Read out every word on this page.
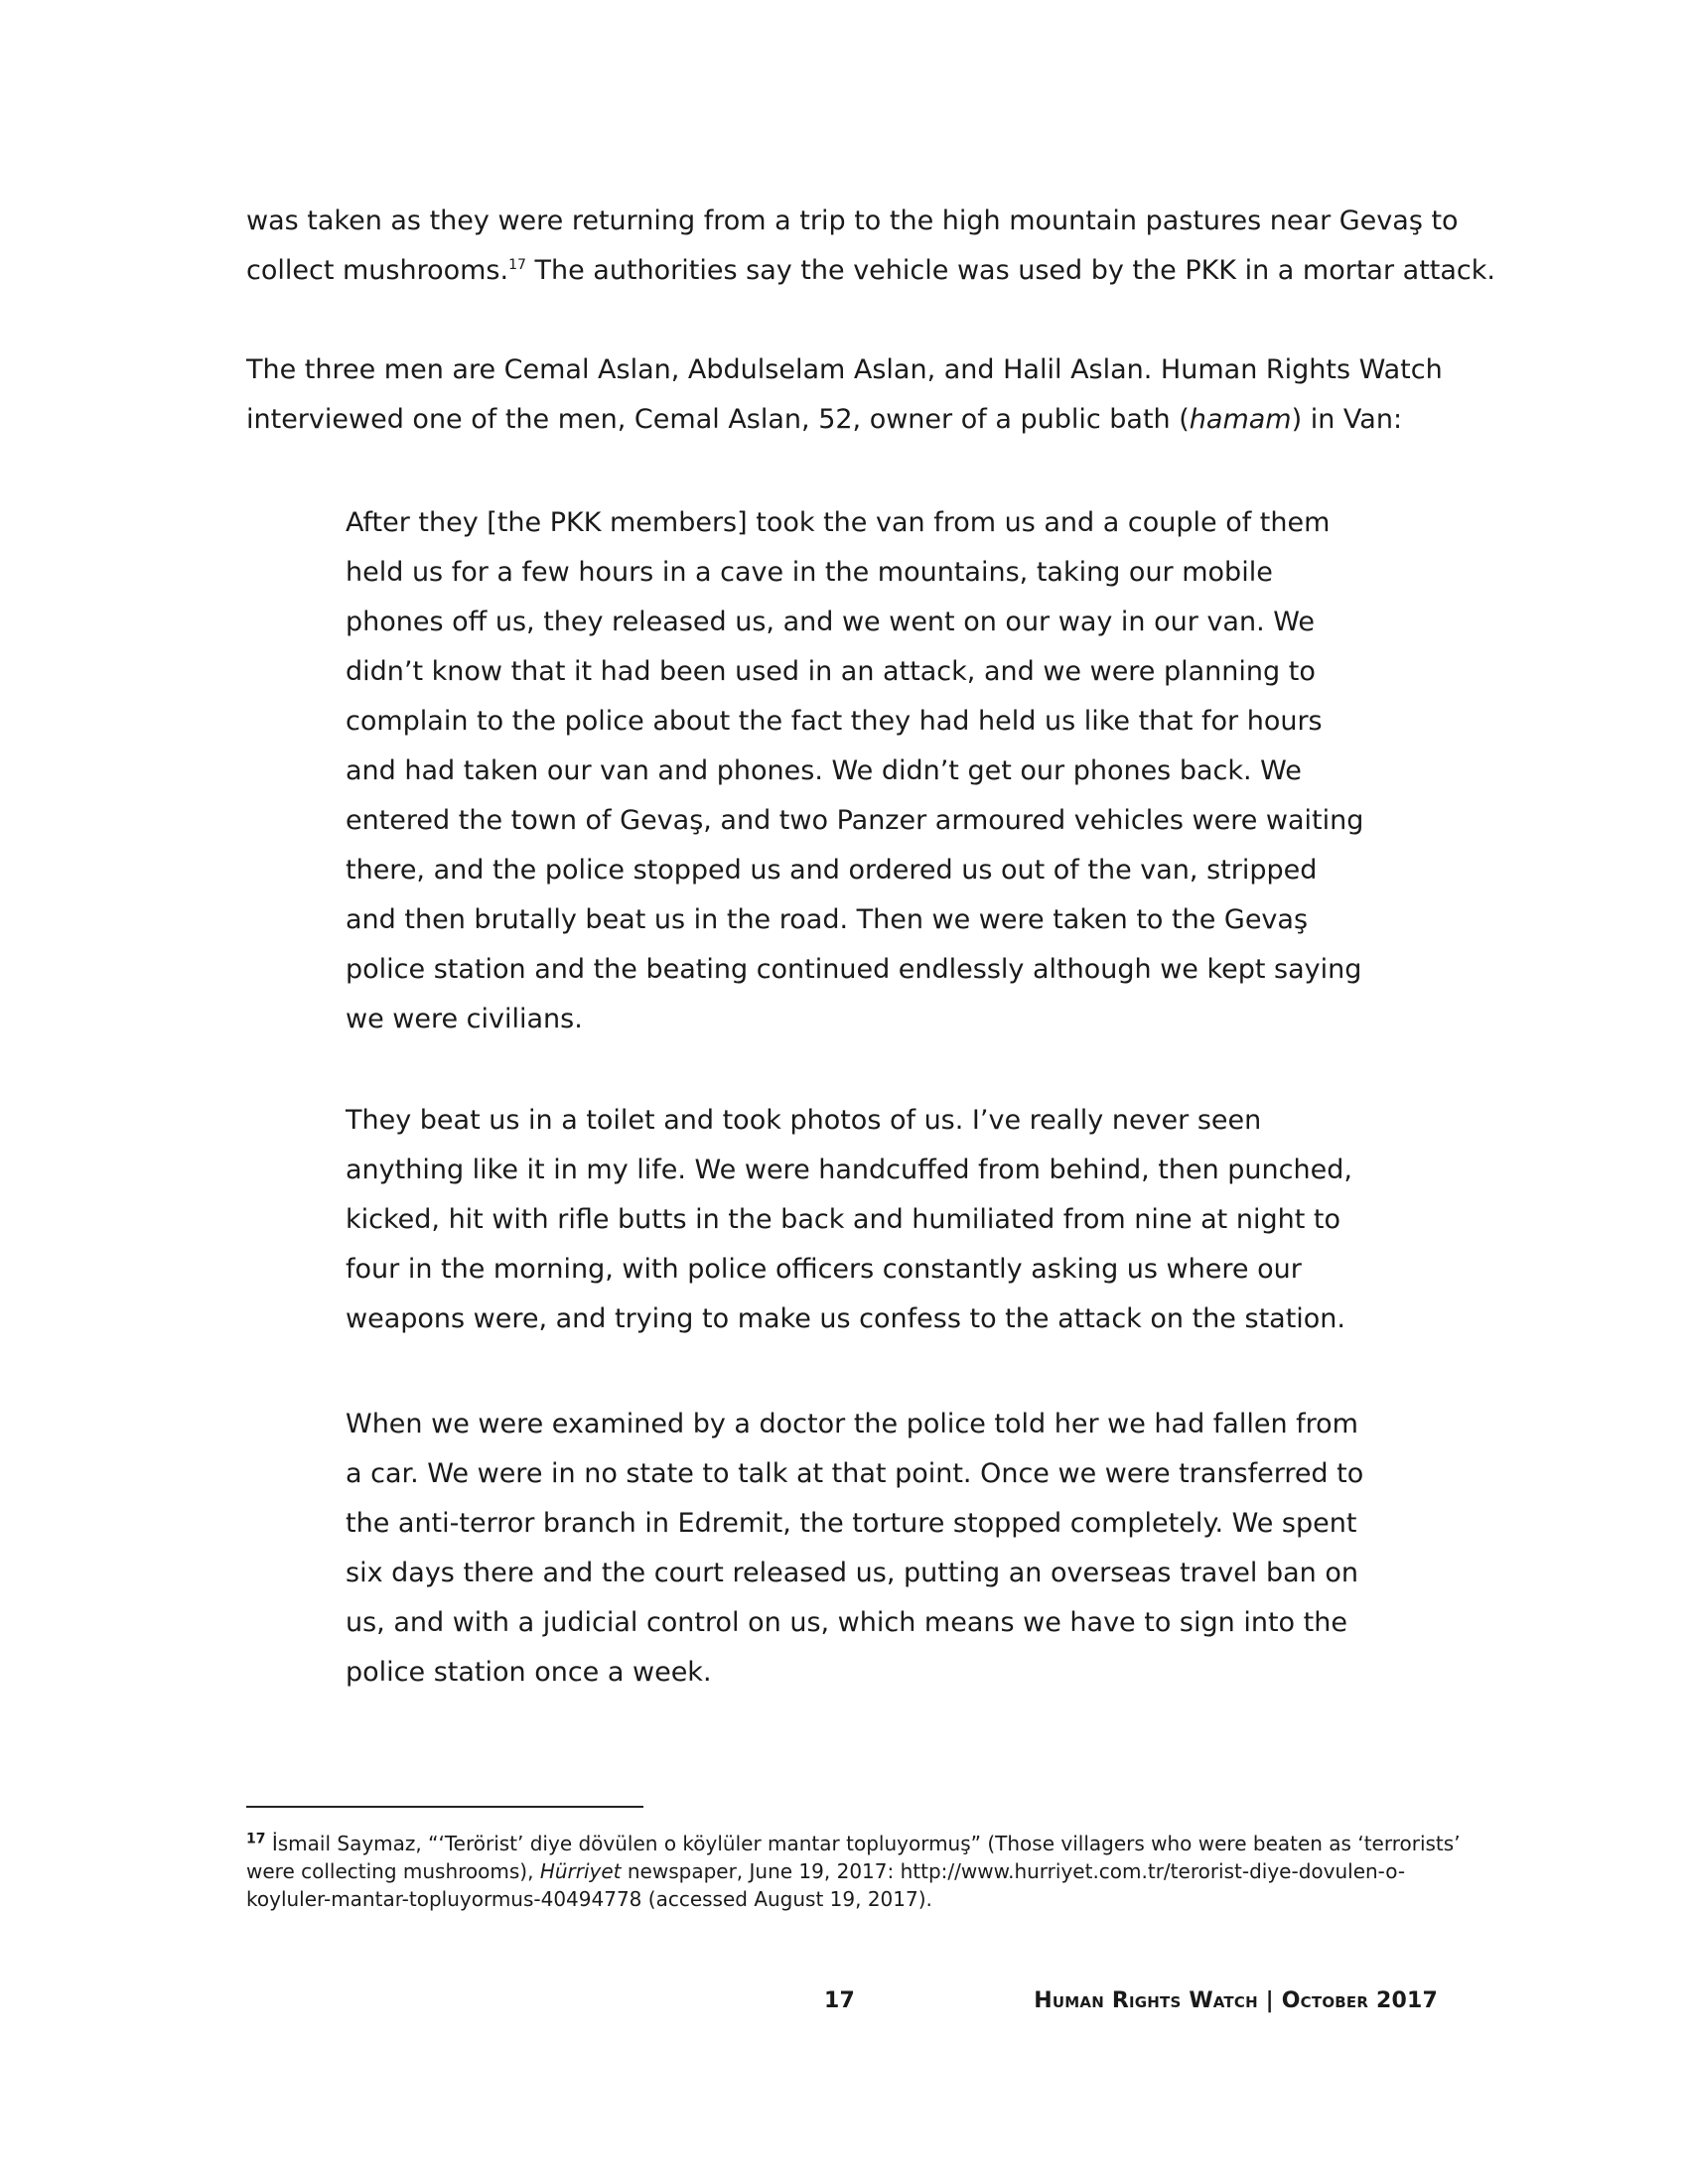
was taken as they were returning from a trip to the high mountain pastures near Gevaş to
collect mushrooms.$^{17}$ The authorities say the vehicle was used by the PKK in a mortar attack.

The three men are Cemal Aslan, Abdulselam Aslan, and Halil Aslan. Human Rights Watch
interviewed one of the men, Cemal Aslan, 52, owner of a public bath (hamam) in Van:

After they [the PKK members] took the van from us and a couple of them
held us for a few hours in a cave in the mountains, taking our mobile
phones off us, they released us, and we went on our way in our van. We
didn’t know that it had been used in an attack, and we were planning to
complain to the police about the fact they had held us like that for hours
and had taken our van and phones. We didn’t get our phones back. We
entered the town of Gevaş, and two Panzer armoured vehicles were waiting
there, and the police stopped us and ordered us out of the van, stripped
and then brutally beat us in the road. Then we were taken to the Gevaş
police station and the beating continued endlessly although we kept saying
we were civilians.
They beat us in a toilet and took photos of us. I’ve really never seen
anything like it in my life. We were handcuffed from behind, then punched,
kicked, hit with rifle butts in the back and humiliated from nine at night to
four in the morning, with police officers constantly asking us where our
weapons were, and trying to make us confess to the attack on the station.
When we were examined by a doctor the police told her we had fallen from
a car. We were in no state to talk at that point. Once we were transferred to
the anti-terror branch in Edremit, the torture stopped completely. We spent
six days there and the court released us, putting an overseas travel ban on
us, and with a judicial control on us, which means we have to sign into the
police station once a week.
$^{17}$ İsmail Saymaz, “‘Terörist’ diye dövülen o köylüler mantar topluyormuş” (Those villagers who were beaten as ‘terrorists’
were collecting mushrooms), Hürriyet newspaper, June 19, 2017: http://www.hurriyet.com.tr/terorist-diye-dovulen-o-
koyluler-mantar-topluyormus-40494778 (accessed August 19, 2017).
17	Human Rights Watch | October 2017
